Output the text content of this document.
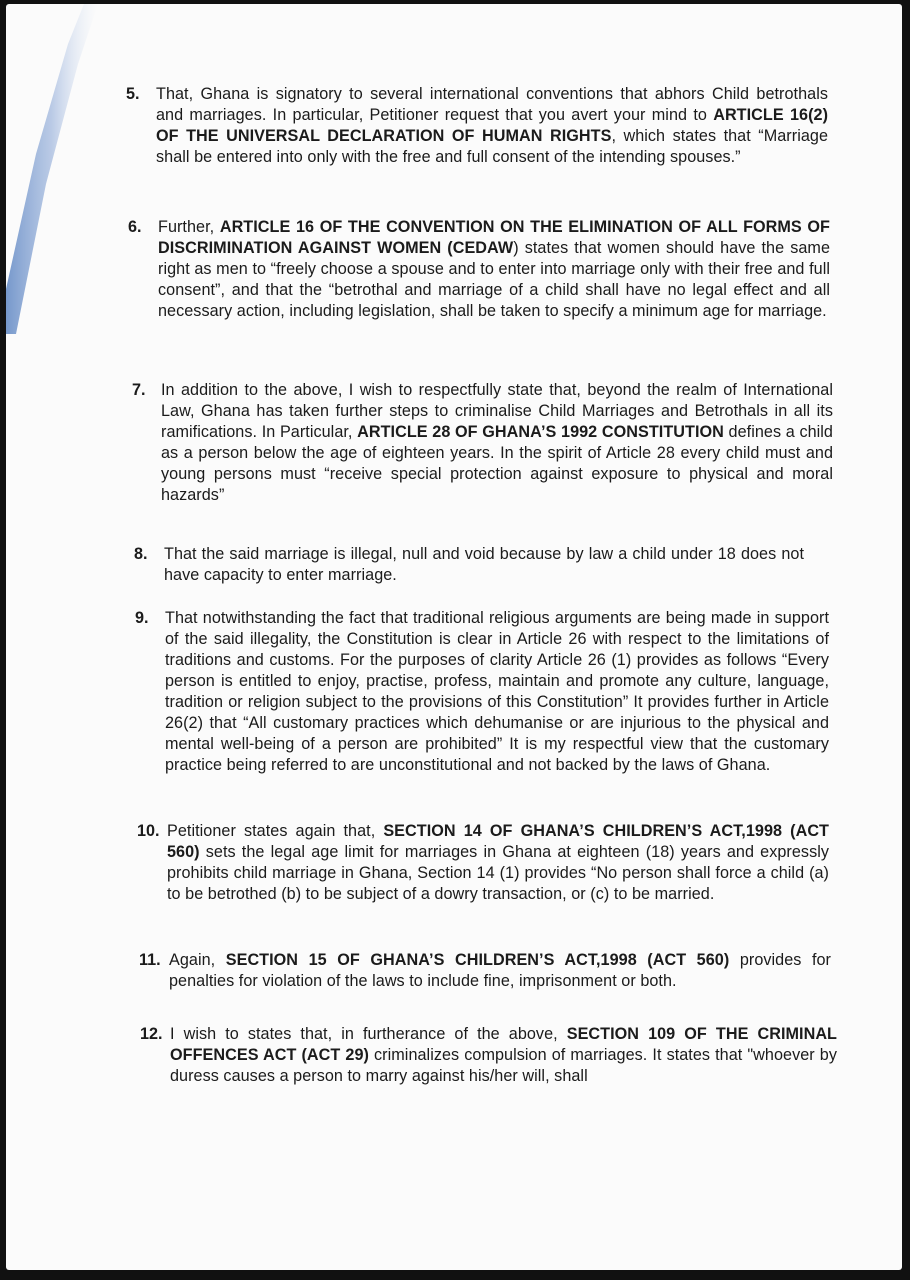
5. That, Ghana is signatory to several international conventions that abhors Child betrothals and marriages. In particular, Petitioner request that you avert your mind to ARTICLE 16(2) OF THE UNIVERSAL DECLARATION OF HUMAN RIGHTS, which states that “Marriage shall be entered into only with the free and full consent of the intending spouses.”
6. Further, ARTICLE 16 OF THE CONVENTION ON THE ELIMINATION OF ALL FORMS OF DISCRIMINATION AGAINST WOMEN (CEDAW) states that women should have the same right as men to “freely choose a spouse and to enter into marriage only with their free and full consent”, and that the “betrothal and marriage of a child shall have no legal effect and all necessary action, including legislation, shall be taken to specify a minimum age for marriage.
7. In addition to the above, I wish to respectfully state that, beyond the realm of International Law, Ghana has taken further steps to criminalise Child Marriages and Betrothals in all its ramifications. In Particular, ARTICLE 28 OF GHANA’S 1992 CONSTITUTION defines a child as a person below the age of eighteen years. In the spirit of Article 28 every child must and young persons must “receive special protection against exposure to physical and moral hazards”
8. That the said marriage is illegal, null and void because by law a child under 18 does not have capacity to enter marriage.
9. That notwithstanding the fact that traditional religious arguments are being made in support of the said illegality, the Constitution is clear in Article 26 with respect to the limitations of traditions and customs. For the purposes of clarity Article 26 (1) provides as follows “Every person is entitled to enjoy, practise, profess, maintain and promote any culture, language, tradition or religion subject to the provisions of this Constitution” It provides further in Article 26(2) that “All customary practices which dehumanise or are injurious to the physical and mental well-being of a person are prohibited” It is my respectful view that the customary practice being referred to are unconstitutional and not backed by the laws of Ghana.
10. Petitioner states again that, SECTION 14 OF GHANA’S CHILDREN’S ACT,1998 (ACT 560) sets the legal age limit for marriages in Ghana at eighteen (18) years and expressly prohibits child marriage in Ghana, Section 14 (1) provides “No person shall force a child (a) to be betrothed (b) to be subject of a dowry transaction, or (c) to be married.
11. Again, SECTION 15 OF GHANA’S CHILDREN’S ACT,1998 (ACT 560) provides for penalties for violation of the laws to include fine, imprisonment or both.
12. I wish to states that, in furtherance of the above, SECTION 109 OF THE CRIMINAL OFFENCES ACT (ACT 29) criminalizes compulsion of marriages. It states that "whoever by duress causes a person to marry against his/her will, shall
